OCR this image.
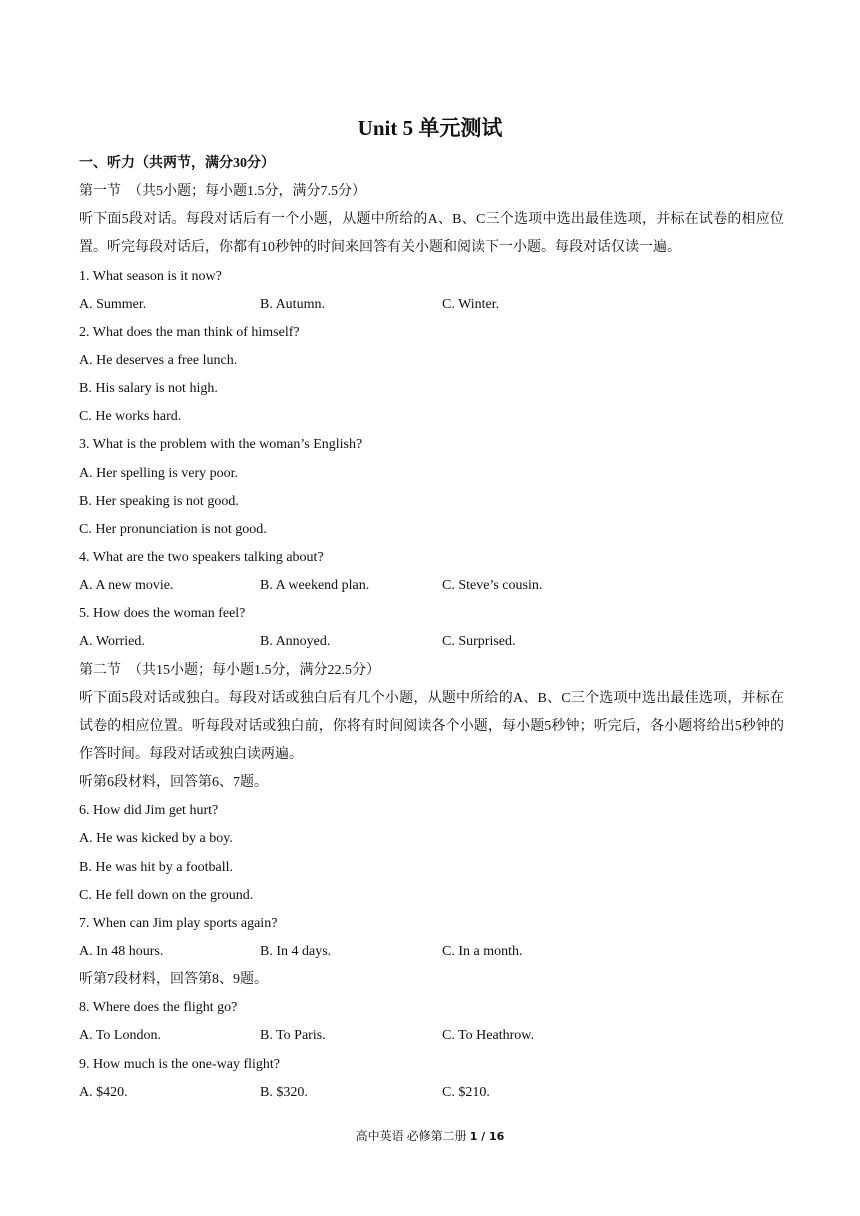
Unit 5 单元测试
一、听力（共两节，满分30分）
第一节　（共5小题；每小题1.5分，满分7.5分）
听下面5段对话。每段对话后有一个小题，从题中所给的A、B、C三个选项中选出最佳选项，并标在试卷的相应位置。听完每段对话后，你都有10秒钟的时间来回答有关小题和阅读下一小题。每段对话仅读一遍。
1. What season is it now?
A. Summer.	B. Autumn.	C. Winter.
2. What does the man think of himself?
A. He deserves a free lunch.
B. His salary is not high.
C. He works hard.
3. What is the problem with the woman’s English?
A. Her spelling is very poor.
B. Her speaking is not good.
C. Her pronunciation is not good.
4. What are the two speakers talking about?
A. A new movie.	B. A weekend plan.	C. Steve’s cousin.
5. How does the woman feel?
A. Worried.	B. Annoyed.	C. Surprised.
第二节　（共15小题；每小题1.5分，满分22.5分）
听下面5段对话或独白。每段对话或独白后有几个小题，从题中所给的A、B、C三个选项中选出最佳选项，并标在试卷的相应位置。听每段对话或独白前，你将有时间阅读各个小题，每小题5秒钟；听完后，各小题将给出5秒钟的作答时间。每段对话或独白读两遍。
听第6段材料，回答第6、7题。
6. How did Jim get hurt?
A. He was kicked by a boy.
B. He was hit by a football.
C. He fell down on the ground.
7. When can Jim play sports again?
A. In 48 hours.	B. In 4 days.	C. In a month.
听第7段材料，回答第8、9题。
8. Where does the flight go?
A. To London.	B. To Paris.	C. To Heathrow.
9. How much is the one-way flight?
A. $420.	B. $320.	C. $210.
高中英语 必修第二册 1 / 16
